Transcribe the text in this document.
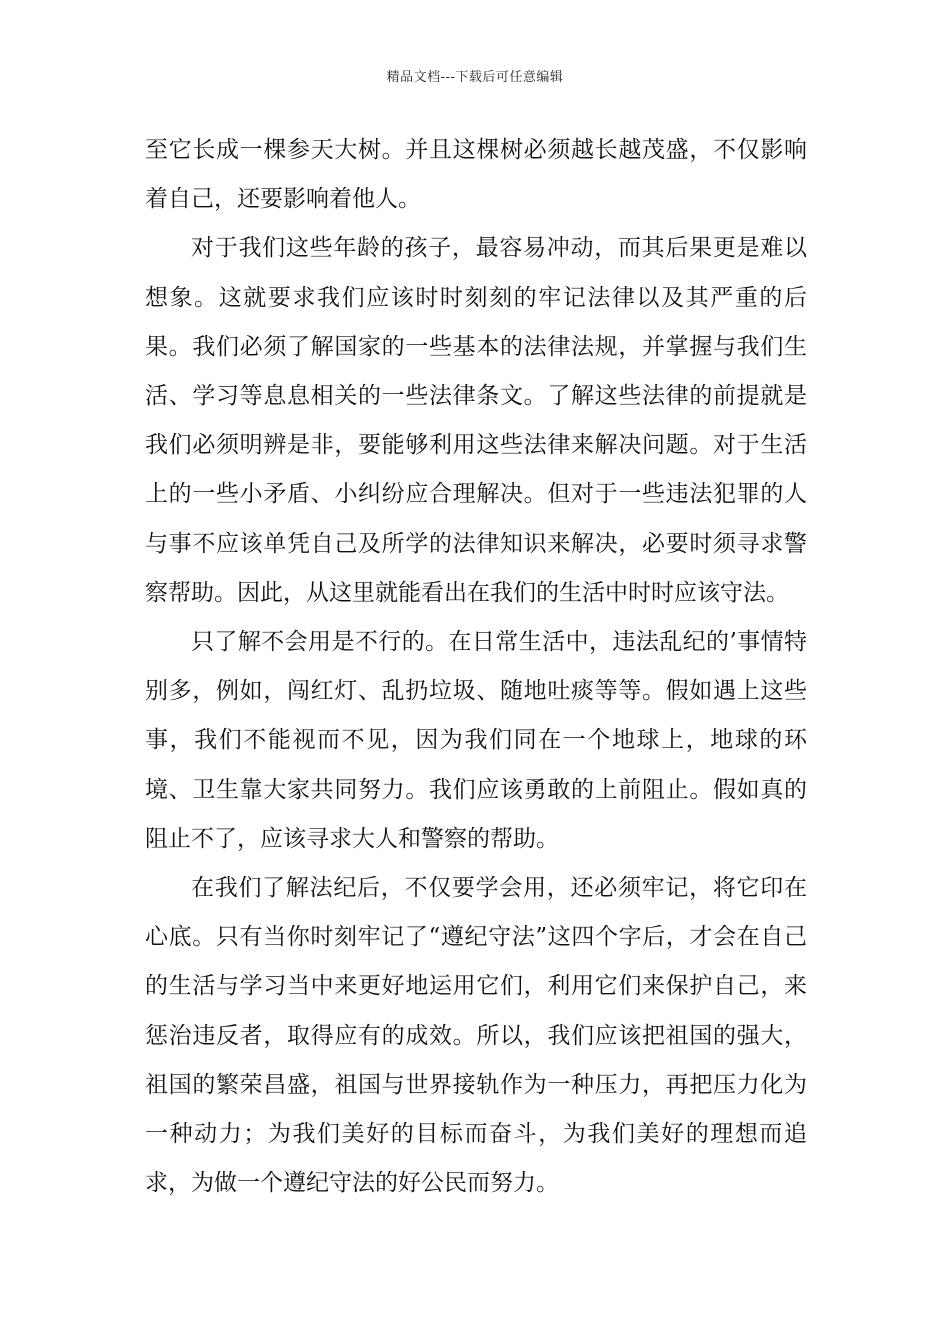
精品文档---下载后可任意编辑

至它长成一棵参天大树。并且这棵树必须越长越茂盛，不仅影响着自己，还要影响着他人。

对于我们这些年龄的孩子，最容易冲动，而其后果更是难以想象。这就要求我们应该时时刻刻的牢记法律以及其严重的后果。我们必须了解国家的一些基本的法律法规，并掌握与我们生活、学习等息息相关的一些法律条文。了解这些法律的前提就是我们必须明辨是非，要能够利用这些法律来解决问题。对于生活上的一些小矛盾、小纠纷应合理解决。但对于一些违法犯罪的人与事不应该单凭自己及所学的法律知识来解决，必要时须寻求警察帮助。因此，从这里就能看出在我们的生活中时时应该守法。

只了解不会用是不行的。在日常生活中，违法乱纪的’事情特别多，例如，闯红灯、乱扔垃圾、随地吐痰等等。假如遇上这些事，我们不能视而不见，因为我们同在一个地球上，地球的环境、卫生靠大家共同努力。我们应该勇敢的上前阻止。假如真的阻止不了，应该寻求大人和警察的帮助。

在我们了解法纪后，不仅要学会用，还必须牢记，将它印在心底。只有当你时刻牢记了“遵纪守法”这四个字后，才会在自己的生活与学习当中来更好地运用它们，利用它们来保护自己，来惩治违反者，取得应有的成效。所以，我们应该把祖国的强大，祖国的繁荣昌盛，祖国与世界接轨作为一种压力，再把压力化为一种动力；为我们美好的目标而奋斗，为我们美好的理想而追求，为做一个遵纪守法的好公民而努力。
